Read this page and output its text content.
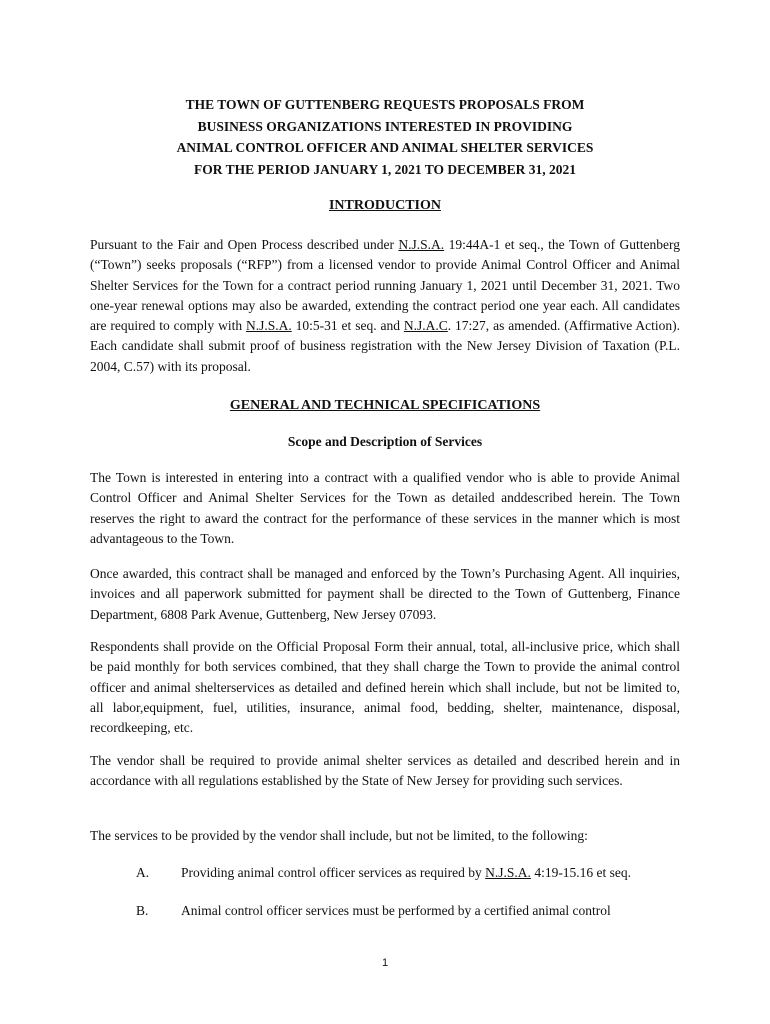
THE TOWN OF GUTTENBERG REQUESTS PROPOSALS FROM
BUSINESS ORGANIZATIONS INTERESTED IN PROVIDING
ANIMAL CONTROL OFFICER AND ANIMAL SHELTER SERVICES
FOR THE PERIOD JANUARY 1, 2021 TO DECEMBER 31, 2021
INTRODUCTION
Pursuant to the Fair and Open Process described under N.J.S.A. 19:44A-1 et seq., the Town of Guttenberg (“Town”) seeks proposals (“RFP”) from a licensed vendor to provide Animal Control Officer and Animal Shelter Services for the Town for a contract period running January 1, 2021 until December 31, 2021. Two one-year renewal options may also be awarded, extending the contract period one year each. All candidates are required to comply with N.J.S.A. 10:5-31 et seq. and N.J.A.C. 17:27, as amended. (Affirmative Action). Each candidate shall submit proof of business registration with the New Jersey Division of Taxation (P.L. 2004, C.57) with its proposal.
GENERAL AND TECHNICAL SPECIFICATIONS
Scope and Description of Services
The Town is interested in entering into a contract with a qualified vendor who is able to provide Animal Control Officer and Animal Shelter Services for the Town as detailed anddescribed herein. The Town reserves the right to award the contract for the performance of these services in the manner which is most advantageous to the Town.
Once awarded, this contract shall be managed and enforced by the Town’s Purchasing Agent. All inquiries, invoices and all paperwork submitted for payment shall be directed to the Town of Guttenberg, Finance Department, 6808 Park Avenue, Guttenberg, New Jersey 07093.
Respondents shall provide on the Official Proposal Form their annual, total, all-inclusive price, which shall be paid monthly for both services combined, that they shall charge the Town to provide the animal control officer and animal shelterservices as detailed and defined herein which shall include, but not be limited to, all labor,equipment, fuel, utilities, insurance, animal food, bedding, shelter, maintenance, disposal, recordkeeping, etc.
The vendor shall be required to provide animal shelter services as detailed and described herein and in accordance with all regulations established by the State of New Jersey for providing such services.
The services to be provided by the vendor shall include, but not be limited, to the following:
A. Providing animal control officer services as required by N.J.S.A. 4:19-15.16 et seq.
B. Animal control officer services must be performed by a certified animal control
1
